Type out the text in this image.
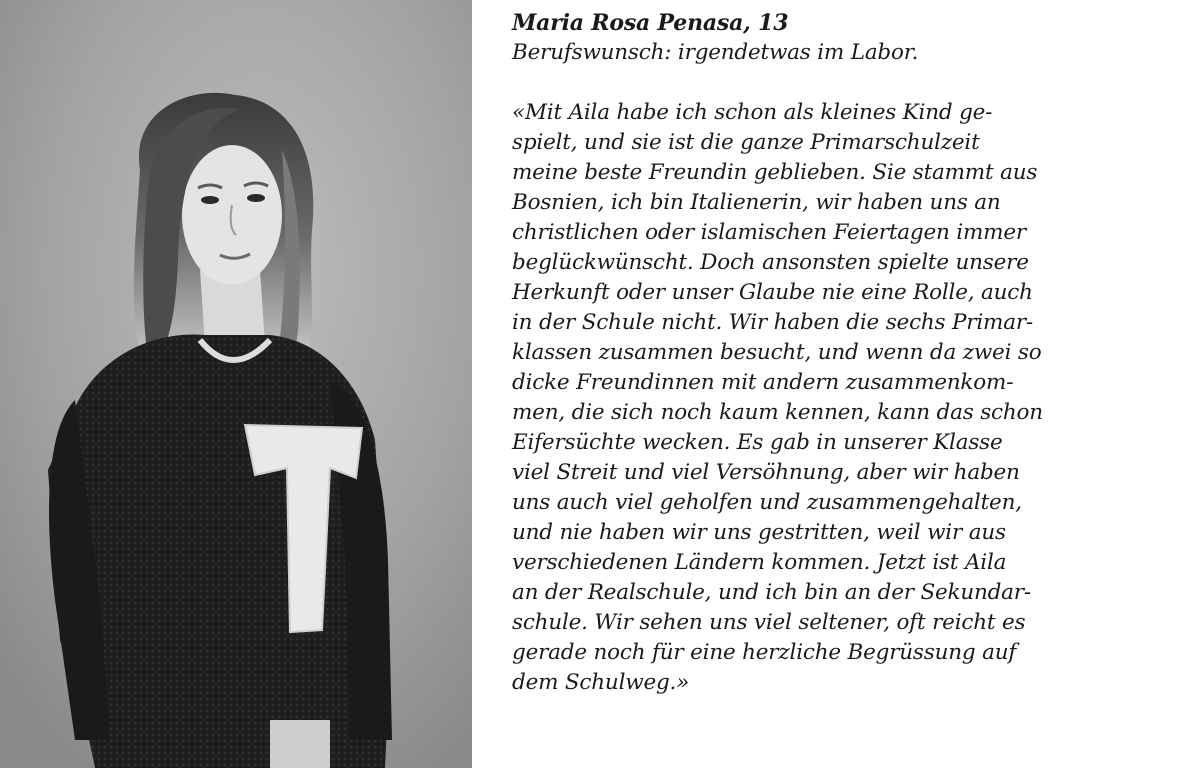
Maria Rosa Penasa, 13

Berufswunsch: irgendetwas im Labor.

«Mit Aila habe ich schon als kleines Kind ge-
spielt, und sie ist die ganze Primarschulzeit
meine beste Freundin geblieben. Sie stammt aus
Bosnien, ich bin Italienerin, wir haben uns an
christlichen oder islamischen Feiertagen immer
beglückwünscht. Doch ansonsten spielte unsere
Herkunft oder unser Glaube nie eine Rolle, auch
in der Schule nicht. Wir haben die sechs Primar-
klassen zusammen besucht, und wenn da zwei so
dicke Freundinnen mit andern zusammenkom-
men, die sich noch kaum kennen, kann das schon
Eifersüchte wecken. Es gab in unserer Klasse
viel Streit und viel Versöhnung, aber wir haben
uns auch viel geholfen und zusammengehalten,
und nie haben wir uns gestritten, weil wir aus
verschiedenen Ländern kommen. Jetzt ist Aila
an der Realschule, und ich bin an der Sekundar-
schule. Wir sehen uns viel seltener, oft reicht es
gerade noch für eine herzliche Begrüssung auf
dem Schulweg.»
